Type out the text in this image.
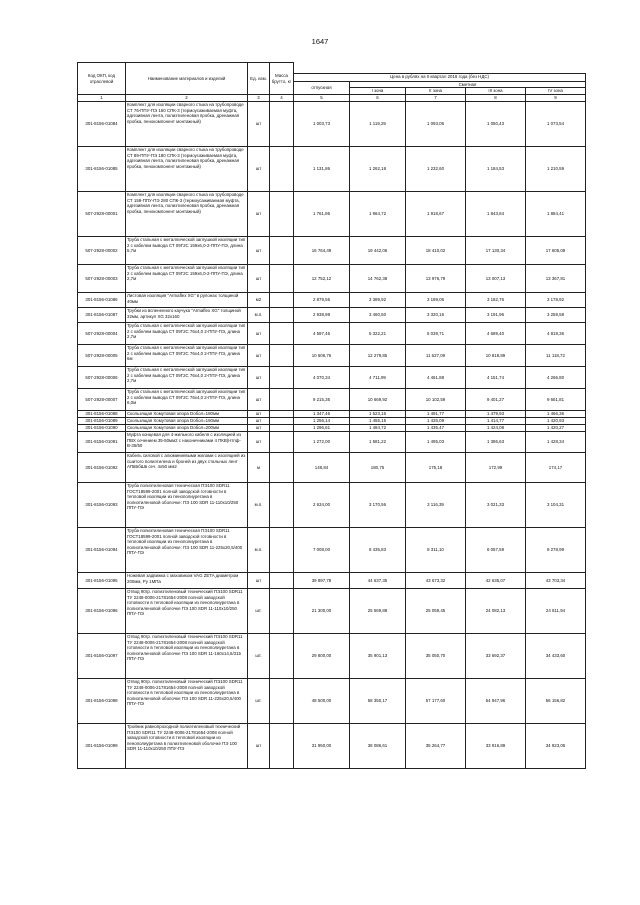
1647
Код ОКП, код отраслевой	Наименование материалов и изделий	Ед. изм.	Масса брутто, кг					
				Цена в рублях на II квартал 2018 года (без НДС)				
				отпускная	Сметная			
					I зона	II зона	III зона	IV зона
1	2	3	4	5	6	7	8	9
301-8156-01084	Комплект для изоляции сварного стыка на трубопроводе СТ 76-ППУ-ПЭ 160 СПК-3 (термоусаживаемая муфта, адгезивная лента, полиэтиленовая пробка, дренажная пробка, пенокомпонент монтажный)	шт		1 003,73	1 119,29	1 093,06	1 050,43	1 073,54
301-8156-01085	Комплект для изоляции сварного стыка на трубопроводе СТ 89-ППУ-ПЭ 180 СПК-3 (термоусаживаемая муфта, адгезивная лента, полиэтиленовая пробка, дренажная пробка, пенокомпонент монтажный)	шт		1 131,86	1 262,18	1 232,60	1 184,53	1 210,59
507-2928-00001	Комплект для изоляции сварного стыка на трубопроводе СТ 159-ППУ-ПЭ 280 СПК-3 (термоусаживаемая муфта, адгезивная лента, полиэтиленовая пробка, дренажная пробка, пенокомпонент монтажный)	шт		1 761,86	1 964,72	1 918,67	1 843,84	1 884,41
507-2928-00002	Труба стальная с металлической заглушкой изоляции тип 2 с кабелем вывода СТ 09Г2С 159х6,0-2-ППУ-ПЭ, длина 5,7м	шт		16 764,49	19 442,06	18 410,02	17 130,34	17 605,09
507-2928-00003	Труба стальная с металлической заглушкой изоляции тип 2 с кабелем вывода СТ 09Г2С 159х6,0-2-ППУ-ПЭ, длина 2,7м	шт		12 752,12	14 762,38	13 976,79	13 007,13	13 367,81
301-8156-01086	Листовая изоляция "Armaflex XG" в рулонах толщиной 40мм	м2		2 879,56	3 389,92	3 189,06	3 182,76	3 178,92
301-8156-01087	Трубки из вспененного каучука "Armaflex XG" толщиной 32мм, артикул XG 32х160	м.п.		2 938,98	3 460,50	3 320,16	3 191,96	3 259,58
507-2928-00004	Труба стальная с металлической заглушкой изоляции тип 2 с кабелем вывода СТ 09Г2С 76х4,0 2-ППУ-ПЭ, длина 2,7м	шт		4 597,46	5 322,21	5 039,71	4 689,40	4 819,36
507-2928-00005	Труба стальная с металлической заглушкой изоляции тип 2 с кабелем вывода СТ 09Г2С 76х4,0 2-ППУ-ПЭ, длина 6м	шт		10 606,76	12 279,85	11 627,09	10 818,89	11 118,72
507-2928-00006	Труба стальная с металлической заглушкой изоляции тип 2 с кабелем вывода СТ 09Г2С 76х4,0 2-ППУ-ПЭ, длина 2,7м	шт		4 070,34	4 711,99	4 461,88	4 151,74	4 266,80
507-2928-00007	Труба стальная с металлической заглушкой изоляции тип 2 с кабелем вывода СТ 09Г2С 76х4,0 2-ППУ-ПЭ, длина 6,0м	шт		9 215,35	10 669,92	10 102,59	9 401,27	9 661,81
301-8156-01088	Скользящая Хомутовая опора Dобол=180мм	шт		1 347,46	1 523,16	1 491,77	1 479,93	1 466,36
301-8156-01089	Скользящая Хомутовая опора Dобол=160мм	шт		1 256,14	1 455,15	1 426,09	1 414,77	1 420,93
301-8156-01090	Скользящая Хомутовая опора Dобол=200мм	шт		1 296,61	1 484,72	1 435,47	1 424,08	1 420,27
301-8156-01091	Муфта концевая для 4-жильного кабеля с изоляцией из ПВХ сечением 35-50мм2 с наконечниками 4 ПКВ(Нтпф-В-35/50	шт		1 272,00	1 581,22	1 495,03	1 386,63	1 428,34
301-8156-01092	Кабель силовой с алюминиевыми жилами с изоляцией из сшитого полиэтилена и броней из двух стальных лент АПвБбШв сеч. 4х50 мм2	м		148,84	180,75	175,18	172,99	174,17
301-8156-01093	Труба полиэтиленовая техническая ПЭ100 SDR11 ГОСТ18599-2001 полной заводской готовности в тепловой изоляции из пенополиуретана в полиэтиленовой оболочке: ПЭ 100 SDR 11-110х10/250 ППУ-ПЭ	м.п.		2 634,00	3 170,56	3 116,39	3 021,33	3 104,31
301-8156-01094	Труба полиэтиленовая техническая ПЭ100 SDR11 ГОСТ18599-2001 полной заводской готовности в тепловой изоляции из пенополиуретана в полиэтиленовой оболочке: ПЭ 100 SDR 11-225х20,5/400 ППУ-ПЭ	м.п.		7 008,00	8 435,83	8 311,10	8 057,59	8 278,99
301-8156-01095	Ножевая задвижка с маховиком VAG ZETA диаметром 200мм, Ру 1МПа	шт		39 897,78	44 637,35	43 673,32	42 635,07	43 703,34
301-8156-01096	Отвод 90гр. полиэтиленовый технический ПЭ100 SDR11 ТУ 2248-0006-21781654-2008 полной заводской готовности в тепловой изоляции из пенополиуретана в полиэтиленовой оболочке ПЭ 100 SDR 11-110х10/250 ППУ-ПЭ	шт.		21 300,00	25 569,88	25 059,45	24 082,13	24 611,94
301-8156-01097	Отвод 90гр. полиэтиленовый технический ПЭ100 SDR11 ТУ 2248-0006-21781654-2008 полной заводской готовности в тепловой изоляции из пенополиуретана в полиэтиленовой оболочке ПЭ 100 SDR 11-160х14,6/315 ППУ-ПЭ	шт.		29 800,00	35 901,13	35 050,70	33 692,37	34 433,60
301-8156-01098	Отвод 90гр. полиэтиленовый технический ПЭ100 SDR11 ТУ 2248-0006-21781654-2008 полной заводской готовности в тепловой изоляции из пенополиуретана в полиэтиленовой оболочке ПЭ 100 SDR 11-225х20,5/400 ППУ-ПЭ	шт.		48 500,00	58 350,17	57 177,60	54 947,96	56 156,82
301-8156-01099	Тройник равнопроходной полиэтиленовый технический ПЭ100 SDR11 ТУ 2248-0006-21781654-2008 полной заводской готовности в тепловой изоляции из пенополиуретана в полиэтиленовой оболочке ПЭ 100 SDR 11-110х10/250 ППУ-ПЭ	шт		31 950,00	38 086,61	35 264,77	33 916,89	34 923,05
